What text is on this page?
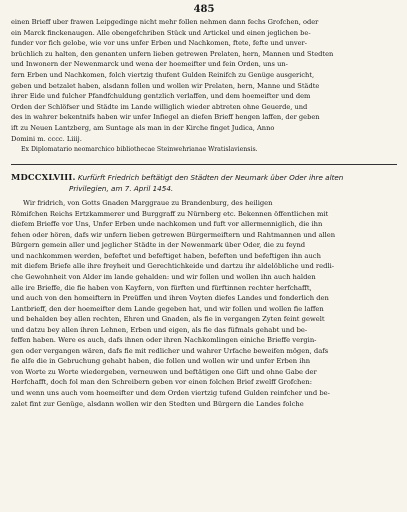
485
einen Brieff uber frawen Leipgedinge nicht mehr follen nehmen dann fechs Grofchen, oder
ein Marck finckenaugen. Alle obengefchriben Stück und Artickel und einen jeglichen be-
funder vor fich gelobe, wie vor uns unfer Erben und Nachkomen, ftete, fefte und unver-
brüchlich zu halten, den genanten unfern lieben getrewen Prelaten, hern, Mannen und Stedten
und Inwonern der Newenmarck und wena der hoemeifter und fein Orden, uns un-
fern Erben und Nachkomen, folch viertzig thufent Gulden Reinifch zu Genüge ausgericht,
geben und betzalet haben, alsdann follen und wollen wir Prelaten, hern, Manne und Städte
ihrer Eide und fulcher Pfandfchuldung gentzlich verlaffen, und dem hoemeifter und dem
Orden der Schlöfser und Städte im Lande williglich wieder abtreten ohne Geuerde, und
des in wahrer bekentnifs haben wir unfer Infiegel an diefen Brieff hengen laffen, der geben
ift zu Neuen Lantzberg, am Suntage als man in der Kirche finget Judica, Anno
Domini m. cccc. Liiij.
Ex Diplomatario neomarchico bibliothecae Steinwehrianae Wratislaviensis.
MDCCXLVIII. Kurfürft Friedrich beftätigt den Städten der Neumark über Oder ihre alten
Privilegien, am 7. April 1454.
Wir fridrich, von Gotts Gnaden Marggraue zu Brandenburg, des heiligen
Römifchen Reichs Ertzkammerer und Burggraff zu Nürnberg etc. Bekennen öffentlichen mit
diefem Brieffe vor Uns, Unfer Erben unde nachkomen und fuft vor allermenniglich, die ihn
fehen oder hören, dafs wir unfern lieben getrewen Bürgermeiftern und Rahtmannen und allen
Bürgern gemein aller und jeglicher Städte in der Newenmark über Oder, die zu feynd
und nachkommen werden, befeftet und befeftiget haben, befeften und befeftigen ihn auch
mit diefem Briefe alle ihre freyheit und Gerechtichkeide und dartzu ihr aldelöbliche und redli-
che Gewohnheit von Alder im lande gehalden: und wir follen und wollen ihn auch halden
alle ire Brieffe, die fie haben von Kayfern, von fürften und fürftinnen rechter herfchafft,
und auch von den homeiftern in Preüffen und ihren Voyten diefes Landes und fonderlich den
Lantbrieff, den der hoemeifter dem Lande gegeben hat, und wir follen und wollen fie laffen
und behalden bey allen rechten, Ehren und Gnaden, als fie in vergangen Zyten feint gewelt
und datzu bey allen ihren Lehnen, Erben und eigen, als fie das füfmals gehabt und be-
feffen haben. Were es auch, dafs ihnen oder ihren Nachkomlingen einiche Brieffe vergin-
gen oder vergangen wären, dafs fie mit redlicher und wahrer Urfache beweifen mögen, dafs
fie alfe die in Gebruchung gehabt haben, die follen und wollen wir und unfer Erben ihn
von Worte zu Worte wiedergeben, verneuwen und beftätigen one Gift und ohne Gabe der
Herfchafft, doch fol man den Schreibern geben vor einen folchen Brief zwelff Grofchen:
und wenn uns auch vom hoemeifter und dem Orden viertzig tufend Gulden reinfcher und be-
zalet fint zur Genüge, alsdann wollen wir den Stedten und Bürgern die Landes folche
